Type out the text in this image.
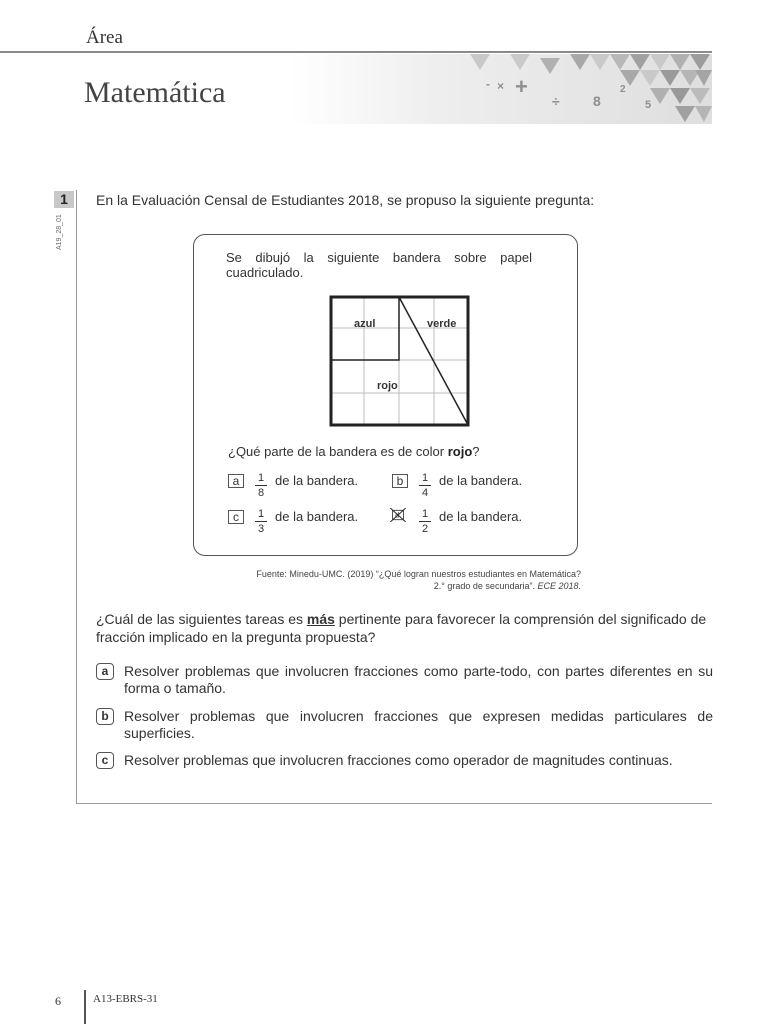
Área
+
×
-
÷ 8
2
5
Matemática
1
A19_28_01
En la Evaluación Censal de Estudiantes 2018, se propuso la siguiente pregunta:
Se dibujó la siguiente bandera sobre papel cuadriculado.
azul	verde
rojo
¿Qué parte de la bandera es de color rojo?
a	1
8
de la bandera.	b	1
4
de la bandera.
c	1
3
de la bandera.	d 1
2
de la bandera.
Fuente: Minedu-UMC. (2019) “¿Qué logran nuestros estudiantes en Matemática?
2.° grado de secundaria”. ECE 2018.
¿Cuál de las siguientes tareas es más pertinente para favorecer la comprensión del significado de fracción implicado en la pregunta propuesta?
a	Resolver problemas que involucren fracciones como parte-todo, con partes diferentes en su forma o tamaño.
b	Resolver problemas que involucren fracciones que expresen medidas particulares de superficies.
c	Resolver problemas que involucren fracciones como operador de magnitudes continuas.
6	A13-EBRS-31
